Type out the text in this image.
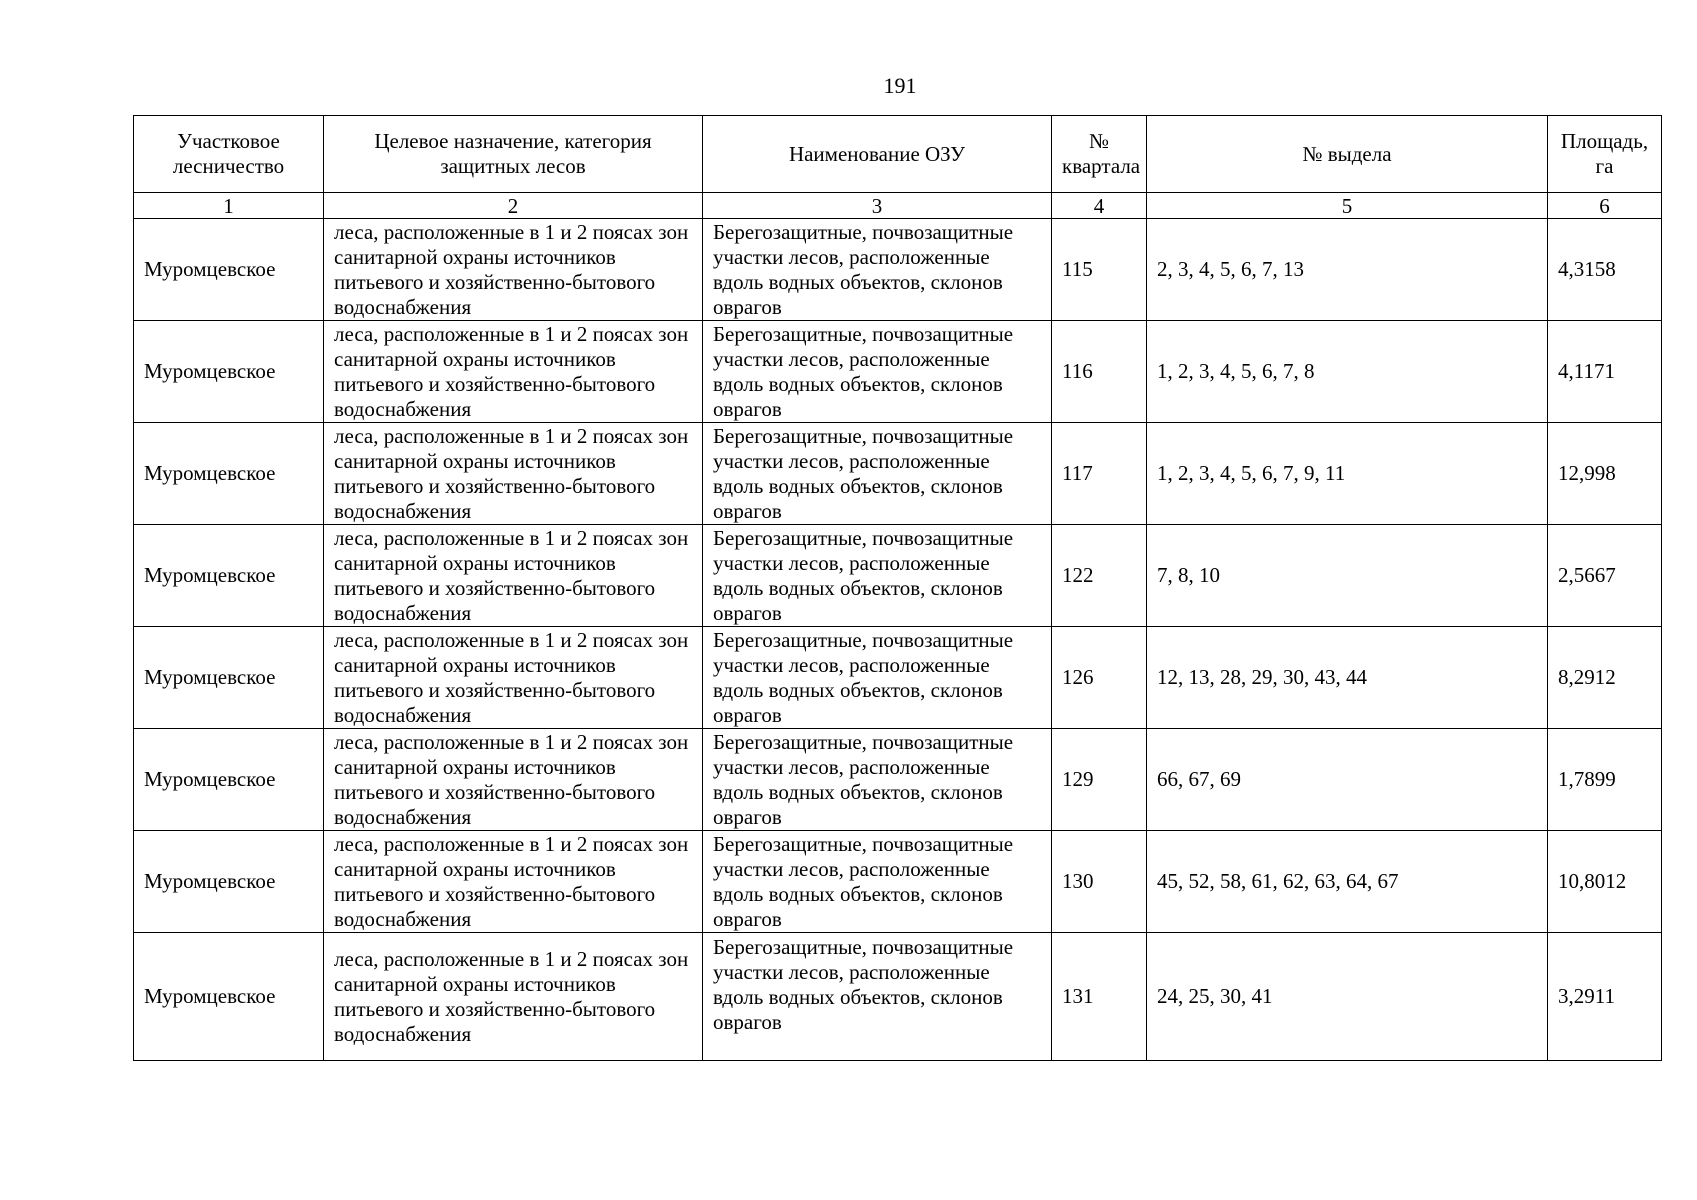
191
Участковое лесничество	Целевое назначение, категория защитных лесов	Наименование ОЗУ	№ квартала	№ выдела	Площадь, га
1	2	3	4	5	6
Муромцевское	леса, расположенные в 1 и 2 поясах зон санитарной охраны источников питьевого и хозяйственно-бытового водоснабжения	Берегозащитные, почвозащитные участки лесов, расположенные вдоль водных объектов, склонов оврагов	115	2, 3, 4, 5, 6, 7, 13	4,3158
Муромцевское	леса, расположенные в 1 и 2 поясах зон санитарной охраны источников питьевого и хозяйственно-бытового водоснабжения	Берегозащитные, почвозащитные участки лесов, расположенные вдоль водных объектов, склонов оврагов	116	1, 2, 3, 4, 5, 6, 7, 8	4,1171
Муромцевское	леса, расположенные в 1 и 2 поясах зон санитарной охраны источников питьевого и хозяйственно-бытового водоснабжения	Берегозащитные, почвозащитные участки лесов, расположенные вдоль водных объектов, склонов оврагов	117	1, 2, 3, 4, 5, 6, 7, 9, 11	12,998
Муромцевское	леса, расположенные в 1 и 2 поясах зон санитарной охраны источников питьевого и хозяйственно-бытового водоснабжения	Берегозащитные, почвозащитные участки лесов, расположенные вдоль водных объектов, склонов оврагов	122	7, 8, 10	2,5667
Муромцевское	леса, расположенные в 1 и 2 поясах зон санитарной охраны источников питьевого и хозяйственно-бытового водоснабжения	Берегозащитные, почвозащитные участки лесов, расположенные вдоль водных объектов, склонов оврагов	126	12, 13, 28, 29, 30, 43, 44	8,2912
Муромцевское	леса, расположенные в 1 и 2 поясах зон санитарной охраны источников питьевого и хозяйственно-бытового водоснабжения	Берегозащитные, почвозащитные участки лесов, расположенные вдоль водных объектов, склонов оврагов	129	66, 67, 69	1,7899
Муромцевское	леса, расположенные в 1 и 2 поясах зон санитарной охраны источников питьевого и хозяйственно-бытового водоснабжения	Берегозащитные, почвозащитные участки лесов, расположенные вдоль водных объектов, склонов оврагов	130	45, 52, 58, 61, 62, 63, 64, 67	10,8012
Муромцевское	леса, расположенные в 1 и 2 поясах зон санитарной охраны источников питьевого и хозяйственно-бытового водоснабжения	Берегозащитные, почвозащитные участки лесов, расположенные вдоль водных объектов, склонов оврагов	131	24, 25, 30, 41	3,2911
